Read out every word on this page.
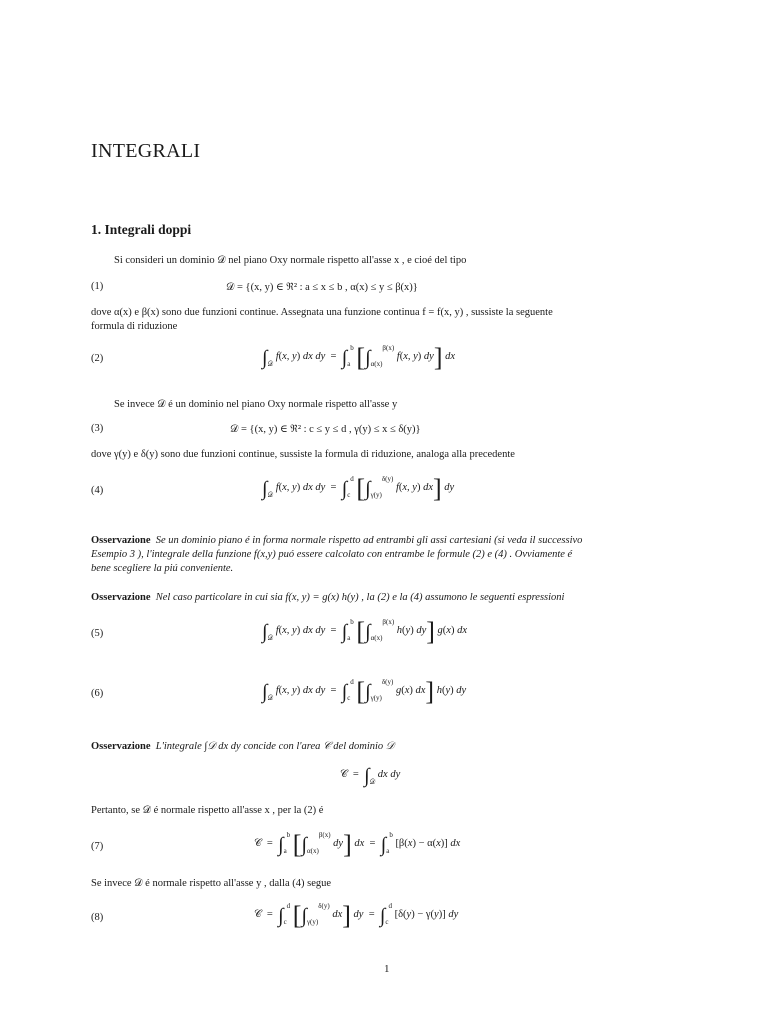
INTEGRALI
1. Integrali doppi
Si consideri un dominio 𝒟 nel piano Oxy normale rispetto all'asse x , e cioé del tipo
(1)	𝒟 = {(x, y) ∈ ℜ² : a ≤ x ≤ b , α(x) ≤ y ≤ β(x)}
dove α(x) e β(x) sono due funzioni continue. Assegnata una funzione continua f = f(x, y) , sussiste la seguente
formula di riduzione
(2)	$\int_𝒟$ f(x, y) dx dy  =  $\int_a^b$ [$\int_{\alpha(x)}^{\beta(x)}$ f(x, y) dy] dx
Se invece 𝒟 é un dominio nel piano Oxy normale rispetto all'asse y
(3)	𝒟 = {(x, y) ∈ ℜ² : c ≤ y ≤ d , γ(y) ≤ x ≤ δ(y)}
dove γ(y) e δ(y) sono due funzioni continue, sussiste la formula di riduzione, analoga alla precedente
(4)	$\int_𝒟$ f(x, y) dx dy  =  $\int_c^d$ [$\int_{\gamma(y)}^{\delta(y)}$ f(x, y) dx] dy
Osservazione Se un dominio piano é in forma normale rispetto ad entrambi gli assi cartesiani (si veda il successivo
Esempio 3 ), l'integrale della funzione f(x,y) puó essere calcolato con entrambe le formule (2) e (4) . Ovviamente é
bene scegliere la piú conveniente.
Osservazione Nel caso particolare in cui sia f(x, y) = g(x) h(y) , la (2) e la (4) assumono le seguenti espressioni
(5)	$\int_𝒟$ f(x, y) dx dy  =  $\int_a^b$ [$\int_{\alpha(x)}^{\beta(x)}$ h(y) dy] g(x) dx
(6)	$\int_𝒟$ f(x, y) dx dy  =  $\int_c^d$ [$\int_{\gamma(y)}^{\delta(y)}$ g(x) dx] h(y) dy
Osservazione L'integrale ∫𝒟 dx dy concide con l'area 𝒞 del dominio 𝒟
𝒞  =  $\int_𝒟$ dx dy
Pertanto, se 𝒟 é normale rispetto all'asse x , per la (2) é
(7)	𝒞  =  $\int_a^b$ [$\int_{\alpha(x)}^{\beta(x)}$ dy] dx  =  $\int_a^b$ [β(x) − α(x)] dx
Se invece 𝒟 é normale rispetto all'asse y , dalla (4) segue
(8)	𝒞  =  $\int_c^d$ [$\int_{\gamma(y)}^{\delta(y)}$ dx] dy  =  $\int_c^d$ [δ(y) − γ(y)] dy
1
